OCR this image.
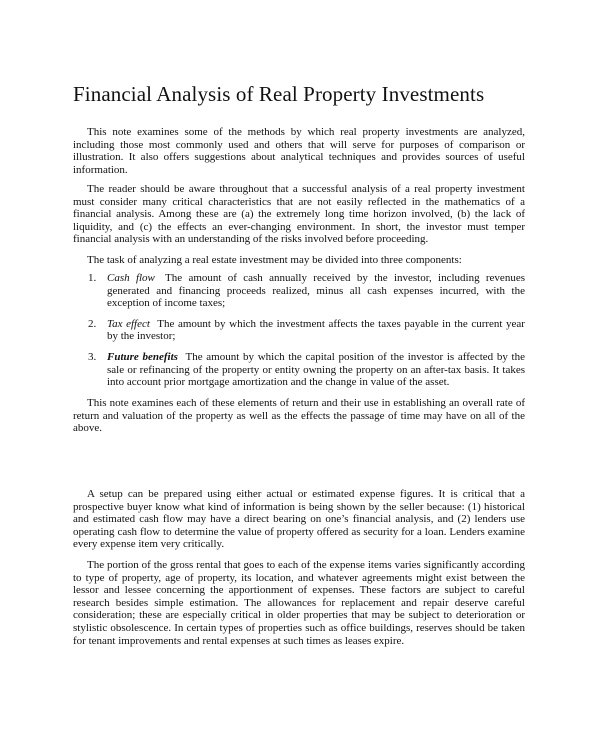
Financial Analysis of Real Property Investments

This note examines some of the methods by which real property investments are analyzed, including those most commonly used and others that will serve for purposes of comparison or illustration. It also offers suggestions about analytical techniques and provides sources of useful information.

The reader should be aware throughout that a successful analysis of a real property investment must consider many critical characteristics that are not easily reflected in the mathematics of a financial analysis. Among these are (a) the extremely long time horizon involved, (b) the lack of liquidity, and (c) the effects an ever-changing environment. In short, the investor must temper financial analysis with an understanding of the risks involved before proceeding.

The task of analyzing a real estate investment may be divided into three components:

1. Cash flow The amount of cash annually received by the investor, including revenues generated and financing proceeds realized, minus all cash expenses incurred, with the exception of income taxes;
2. Tax effect The amount by which the investment affects the taxes payable in the current year by the investor;
3. Future benefits The amount by which the capital position of the investor is affected by the sale or refinancing of the property or entity owning the property on an after-tax basis. It takes into account prior mortgage amortization and the change in value of the asset.

This note examines each of these elements of return and their use in establishing an overall rate of return and valuation of the property as well as the effects the passage of time may have on all of the above.

A setup can be prepared using either actual or estimated expense figures. It is critical that a prospective buyer know what kind of information is being shown by the seller because: (1) historical and estimated cash flow may have a direct bearing on one’s financial analysis, and (2) lenders use operating cash flow to determine the value of property offered as security for a loan. Lenders examine every expense item very critically.

The portion of the gross rental that goes to each of the expense items varies significantly according to type of property, age of property, its location, and whatever agreements might exist between the lessor and lessee concerning the apportionment of expenses. These factors are subject to careful research besides simple estimation. The allowances for replacement and repair deserve careful consideration; these are especially critical in older properties that may be subject to deterioration or stylistic obsolescence. In certain types of properties such as office buildings, reserves should be taken for tenant improvements and rental expenses at such times as leases expire.
